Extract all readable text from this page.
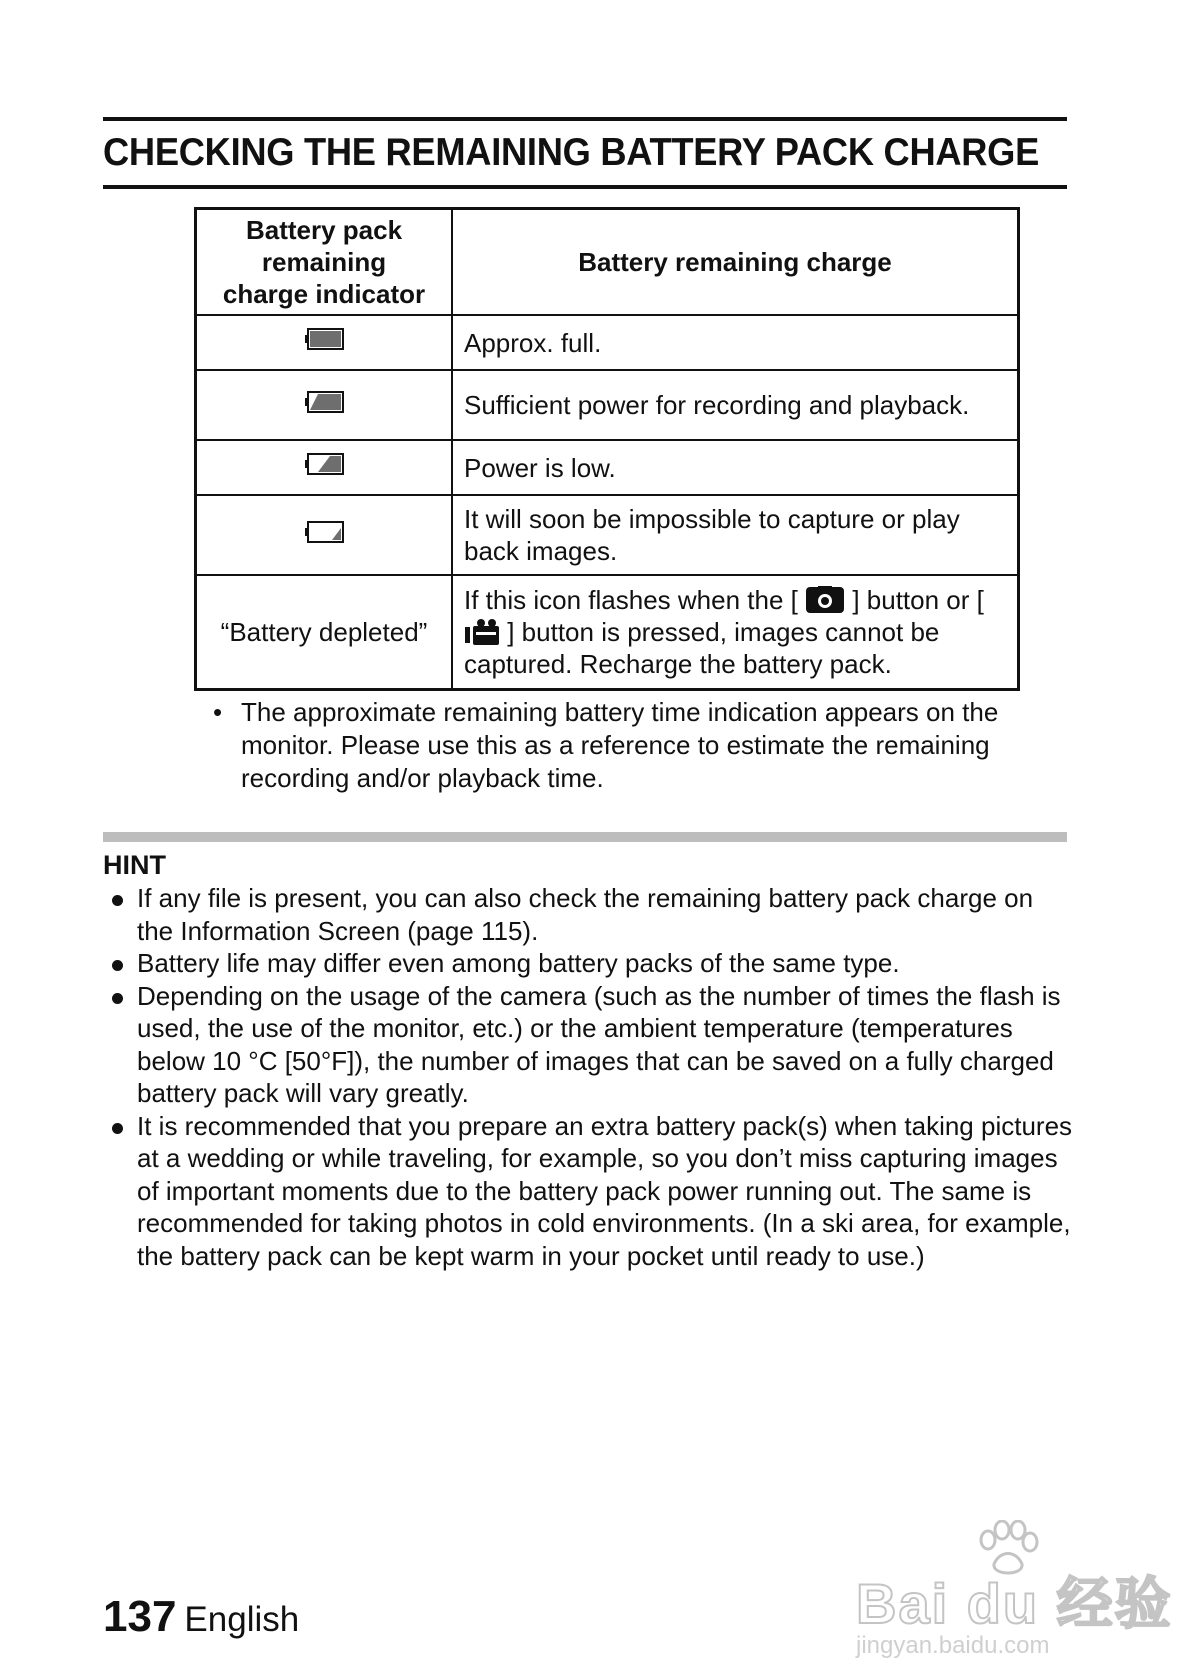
CHECKING THE REMAINING BATTERY PACK CHARGE
Battery pack
remaining
charge indicator	Battery remaining charge
	Approx. full.
	Sufficient power for recording and playback.
	Power is low.
	It will soon be impossible to capture or play back images.
“Battery depleted”	If this icon flashes when the [ ] button or [  ] button is pressed, images cannot be captured. Recharge the battery pack.
• The approximate remaining battery time indication appears on the monitor. Please use this as a reference to estimate the remaining recording and/or playback time.
HINT
If any file is present, you can also check the remaining battery pack charge on the Information Screen (page 115).
Battery life may differ even among battery packs of the same type.
Depending on the usage of the camera (such as the number of times the flash is used, the use of the monitor, etc.) or the ambient temperature (temperatures below 10 °C [50°F]), the number of images that can be saved on a fully charged battery pack will vary greatly.
It is recommended that you prepare an extra battery pack(s) when taking pictures at a wedding or while traveling, for example, so you don’t miss capturing images of important moments due to the battery pack power running out. The same is recommended for taking photos in cold environments. (In a ski area, for example, the battery pack can be kept warm in your pocket until ready to use.)
137 English	Bai du 经验
jingyan.baidu.com
